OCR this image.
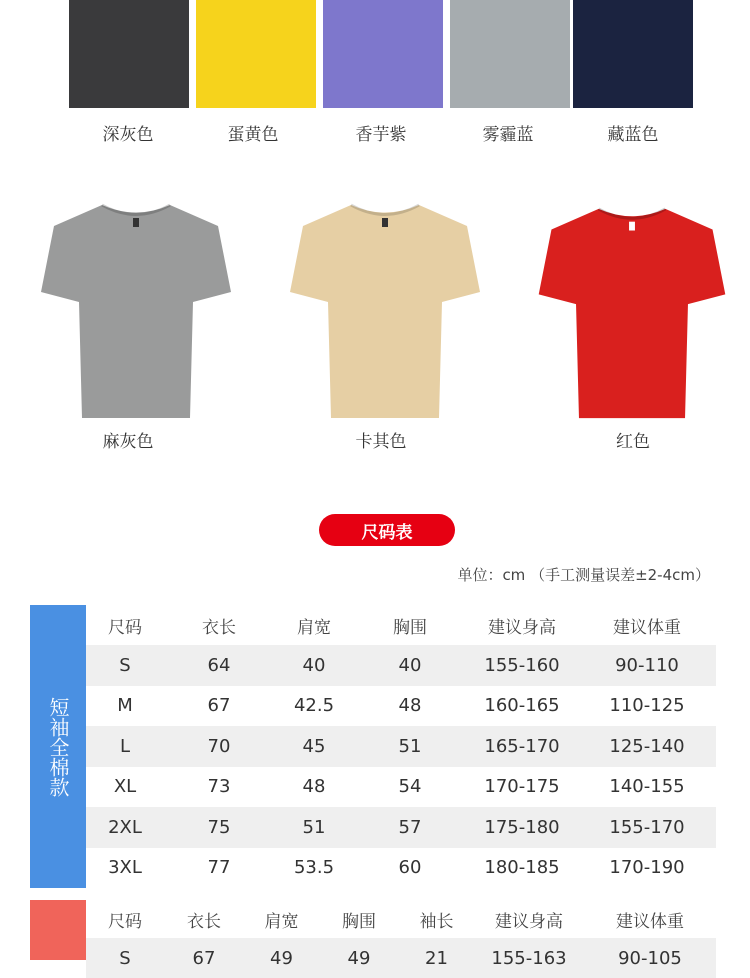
深灰色	蛋黄色	香芋紫	雾霾蓝	藏蓝色
麻灰色	卡其色	红色
尺码表
单位：cm （手工测量误差±2-4cm）
短袖全棉款
尺码	衣长	肩宽	胸围	建议身高	建议体重
S	64	40	40	155-160	90-110
M	67	42.5	48	160-165	110-125
L	70	45	51	165-170	125-140
XL	73	48	54	170-175	140-155
2XL	75	51	57	175-180	155-170
3XL	77	53.5	60	180-185	170-190
尺码	衣长	肩宽	胸围	袖长	建议身高	建议体重
S	67	49	49	21	155-163	90-105
